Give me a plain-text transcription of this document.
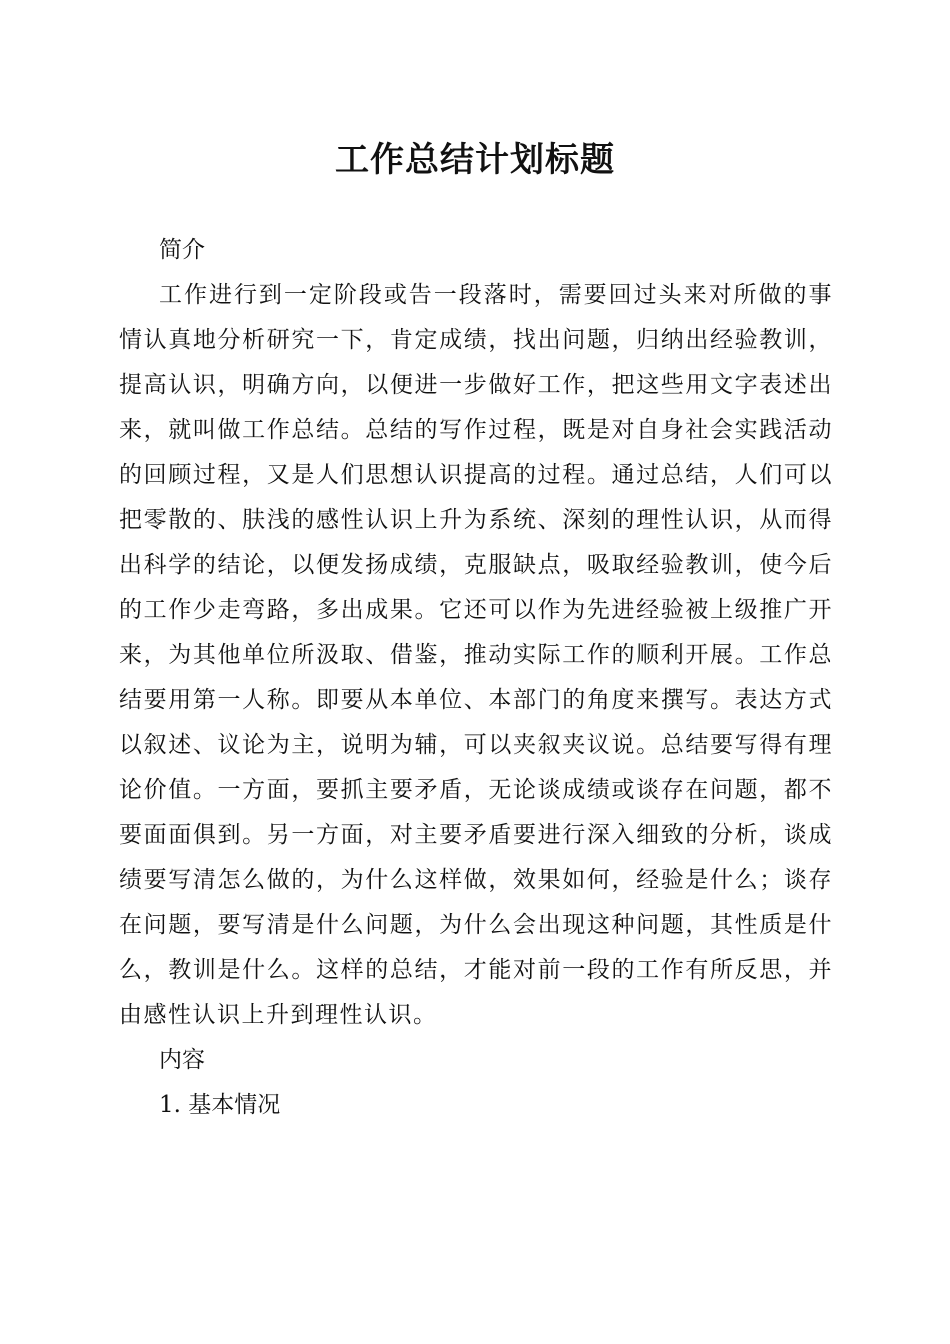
工作总结计划标题

简介

工作进行到一定阶段或告一段落时，需要回过头来对所做的事情认真地分析研究一下，肯定成绩，找出问题，归纳出经验教训，提高认识，明确方向，以便进一步做好工作，把这些用文字表述出来，就叫做工作总结。总结的写作过程，既是对自身社会实践活动的回顾过程，又是人们思想认识提高的过程。通过总结，人们可以把零散的、肤浅的感性认识上升为系统、深刻的理性认识，从而得出科学的结论，以便发扬成绩，克服缺点，吸取经验教训，使今后的工作少走弯路，多出成果。它还可以作为先进经验被上级推广开来，为其他单位所汲取、借鉴，推动实际工作的顺利开展。工作总结要用第一人称。即要从本单位、本部门的角度来撰写。表达方式以叙述、议论为主，说明为辅，可以夹叙夹议说。总结要写得有理论价值。一方面，要抓主要矛盾，无论谈成绩或谈存在问题，都不要面面俱到。另一方面，对主要矛盾要进行深入细致的分析，谈成绩要写清怎么做的，为什么这样做，效果如何，经验是什么；谈存在问题，要写清是什么问题，为什么会出现这种问题，其性质是什么，教训是什么。这样的总结，才能对前一段的工作有所反思，并由感性认识上升到理性认识。

内容

1. 基本情况
